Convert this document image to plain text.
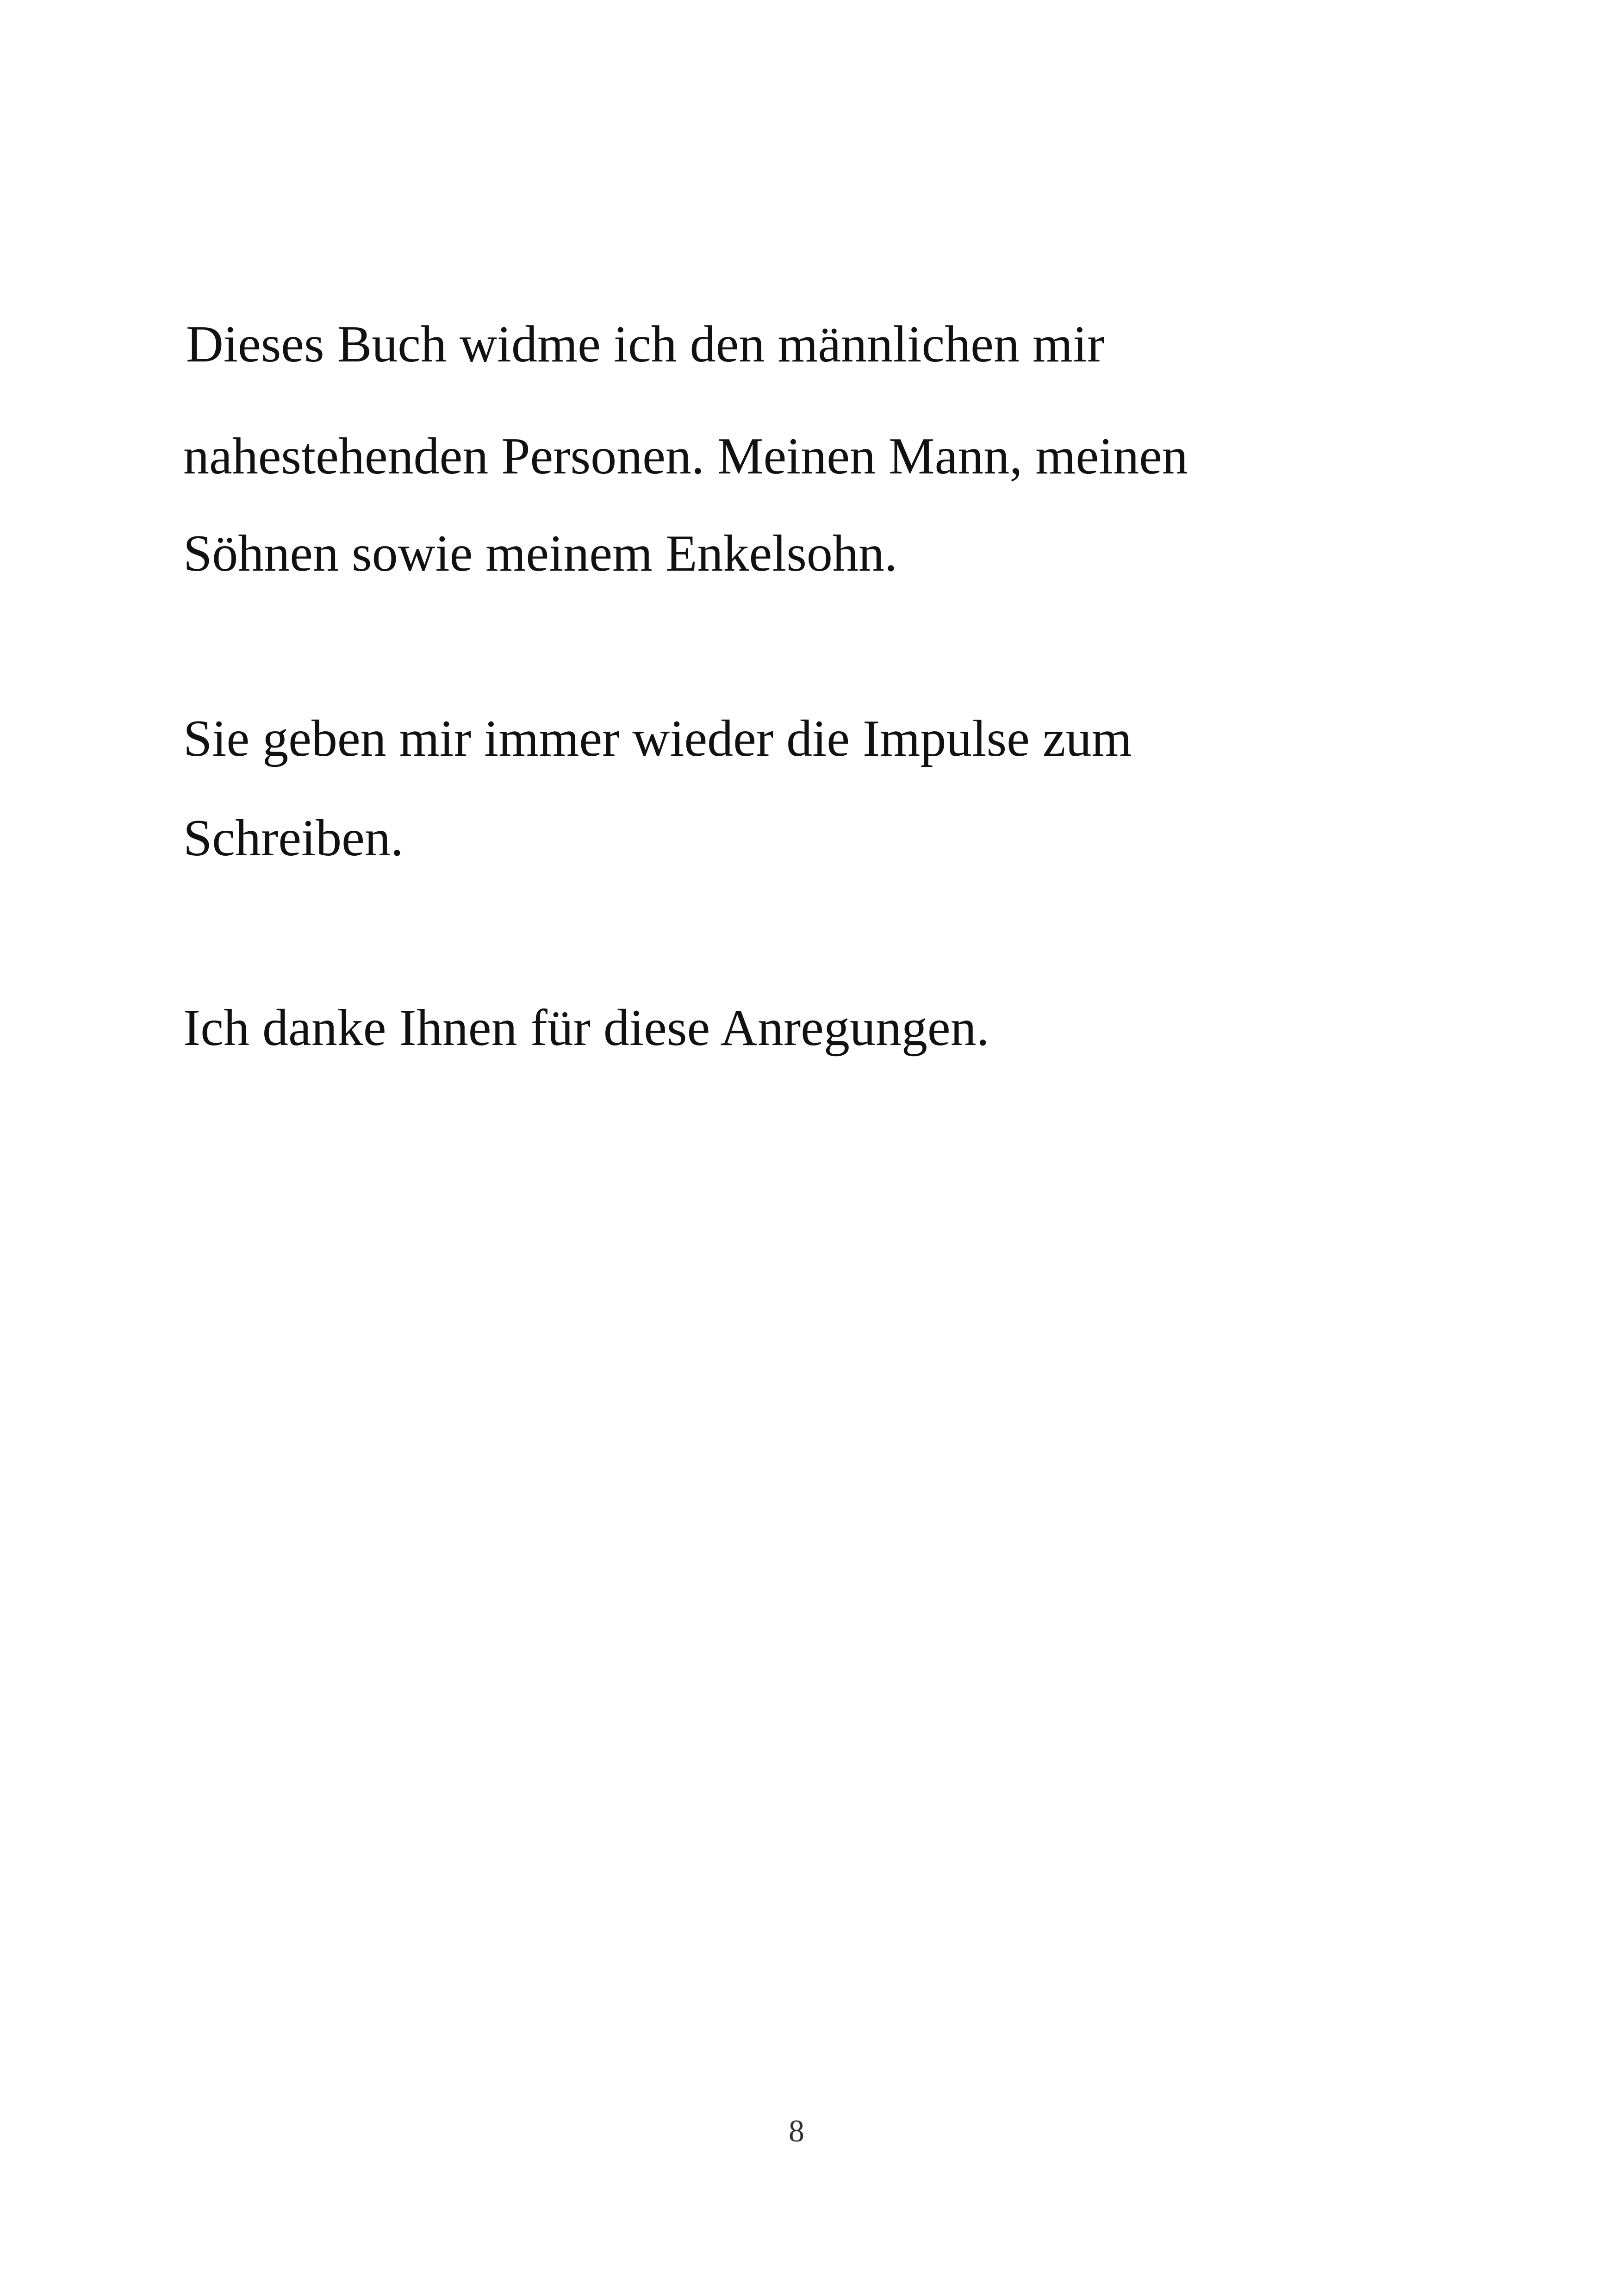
Dieses Buch widme ich den männlichen mir
nahestehenden Personen. Meinen Mann, meinen
Söhnen sowie meinem Enkelsohn.
Sie geben mir immer wieder die Impulse zum
Schreiben.
Ich danke Ihnen für diese Anregungen.
8
